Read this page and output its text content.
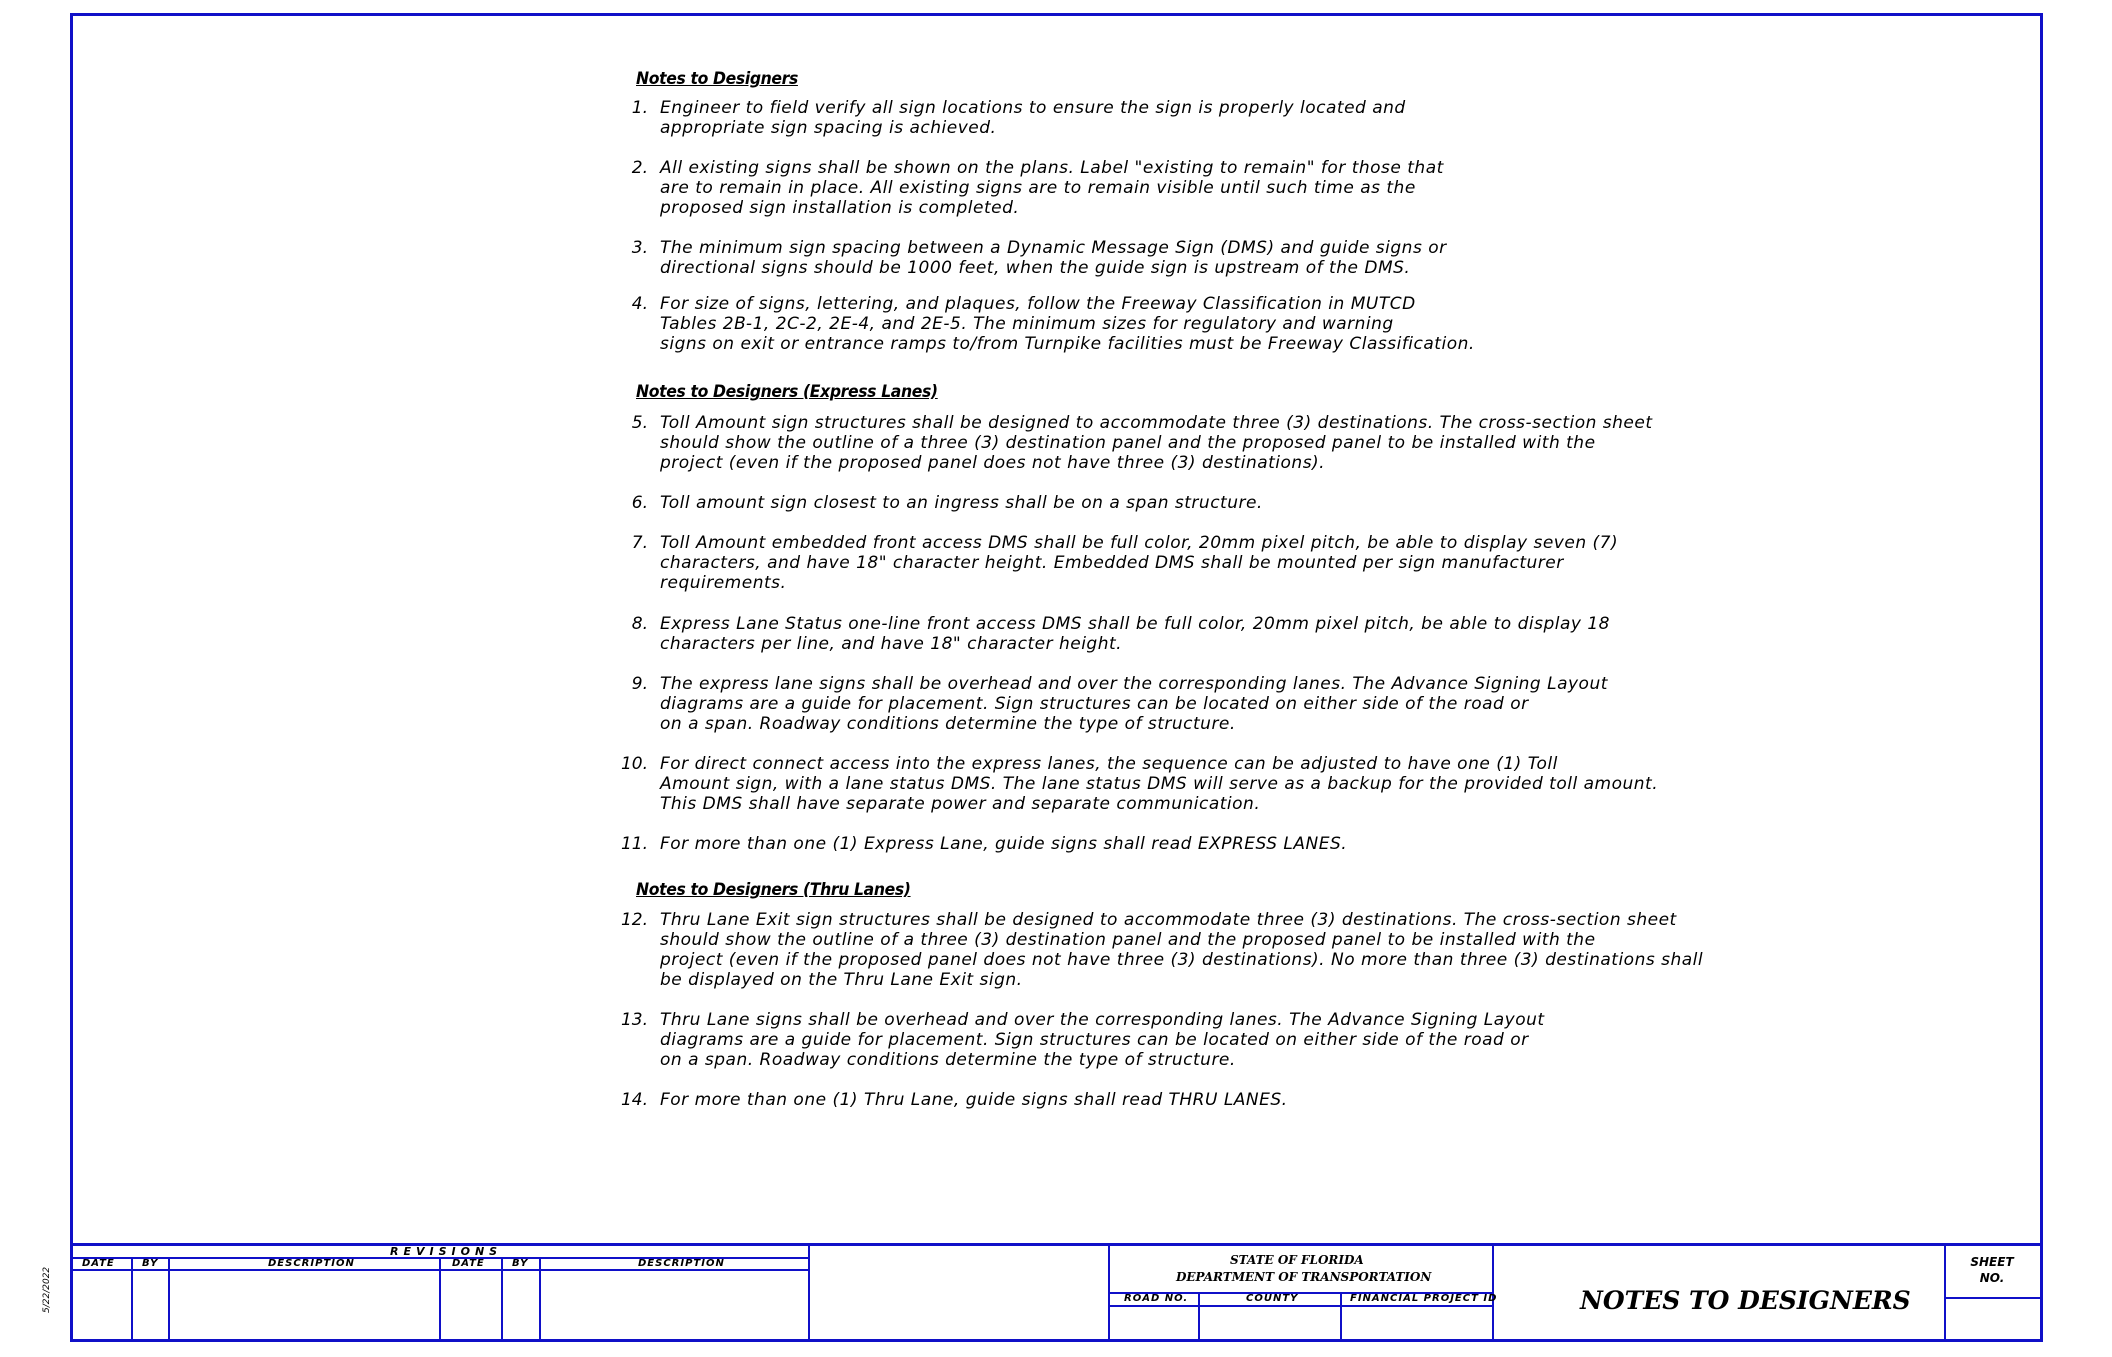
5/22/2022
Notes to Designers
1. Engineer to field verify all sign locations to ensure the sign is properly located and
appropriate sign spacing is achieved.
2. All existing signs shall be shown on the plans. Label "existing to remain" for those that
are to remain in place. All existing signs are to remain visible until such time as the
proposed sign installation is completed.
3. The minimum sign spacing between a Dynamic Message Sign (DMS) and guide signs or
directional signs should be 1000 feet, when the guide sign is upstream of the DMS.
4. For size of signs, lettering, and plaques, follow the Freeway Classification in MUTCD
Tables 2B-1, 2C-2, 2E-4, and 2E-5. The minimum sizes for regulatory and warning
signs on exit or entrance ramps to/from Turnpike facilities must be Freeway Classification.
Notes to Designers (Express Lanes)
5. Toll Amount sign structures shall be designed to accommodate three (3) destinations. The cross-section sheet
should show the outline of a three (3) destination panel and the proposed panel to be installed with the
project (even if the proposed panel does not have three (3) destinations).
6. Toll amount sign closest to an ingress shall be on a span structure.
7. Toll Amount embedded front access DMS shall be full color, 20mm pixel pitch, be able to display seven (7)
characters, and have 18" character height. Embedded DMS shall be mounted per sign manufacturer
requirements.
8. Express Lane Status one-line front access DMS shall be full color, 20mm pixel pitch, be able to display 18
characters per line, and have 18" character height.
9. The express lane signs shall be overhead and over the corresponding lanes. The Advance Signing Layout
diagrams are a guide for placement. Sign structures can be located on either side of the road or
on a span. Roadway conditions determine the type of structure.
10. For direct connect access into the express lanes, the sequence can be adjusted to have one (1) Toll
Amount sign, with a lane status DMS. The lane status DMS will serve as a backup for the provided toll amount.
This DMS shall have separate power and separate communication.
11. For more than one (1) Express Lane, guide signs shall read EXPRESS LANES.
Notes to Designers (Thru Lanes)
12. Thru Lane Exit sign structures shall be designed to accommodate three (3) destinations. The cross-section sheet
should show the outline of a three (3) destination panel and the proposed panel to be installed with the
project (even if the proposed panel does not have three (3) destinations). No more than three (3) destinations shall
be displayed on the Thru Lane Exit sign.
13. Thru Lane signs shall be overhead and over the corresponding lanes. The Advance Signing Layout
diagrams are a guide for placement. Sign structures can be located on either side of the road or
on a span. Roadway conditions determine the type of structure.
14. For more than one (1) Thru Lane, guide signs shall read THRU LANES.
REVISIONS
DATE	BY	DESCRIPTION	DATE	BY	DESCRIPTION	STATE OF FLORIDA
DEPARTMENT OF TRANSPORTATION
ROAD NO.	COUNTY	FINANCIAL PROJECT ID	NOTES TO DESIGNERS
SHEET
NO.
